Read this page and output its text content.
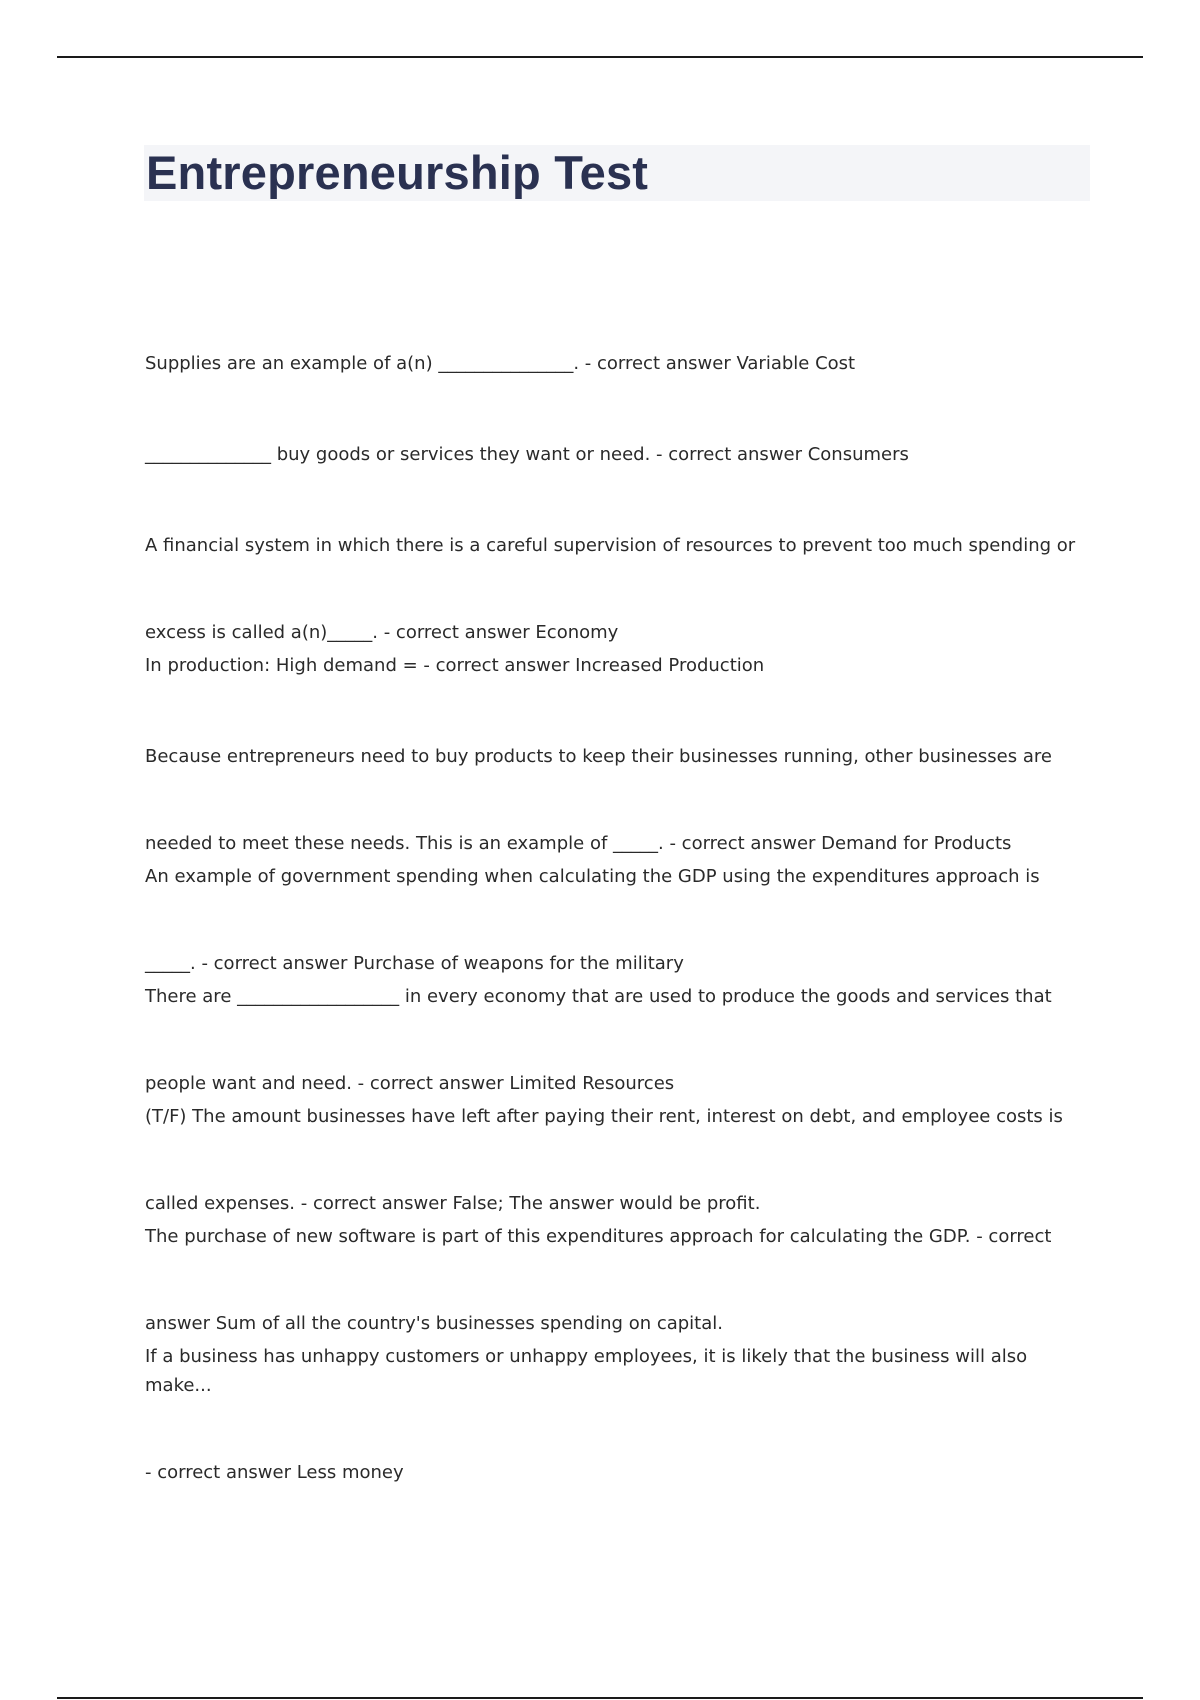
Entrepreneurship Test

Supplies are an example of a(n) _______________. - correct answer Variable Cost

______________ buy goods or services they want or need. - correct answer Consumers

A financial system in which there is a careful supervision of resources to prevent too much spending or

excess is called a(n)_____. - correct answer Economy

In production: High demand = - correct answer Increased Production

Because entrepreneurs need to buy products to keep their businesses running, other businesses are

needed to meet these needs. This is an example of _____. - correct answer Demand for Products

An example of government spending when calculating the GDP using the expenditures approach is

_____. - correct answer Purchase of weapons for the military

There are __________________ in every economy that are used to produce the goods and services that

people want and need. - correct answer Limited Resources

(T/F) The amount businesses have left after paying their rent, interest on debt, and employee costs is

called expenses. - correct answer False; The answer would be profit.

The purchase of new software is part of this expenditures approach for calculating the GDP. - correct

answer Sum of all the country's businesses spending on capital.

If a business has unhappy customers or unhappy employees, it is likely that the business will also make...

- correct answer Less money
